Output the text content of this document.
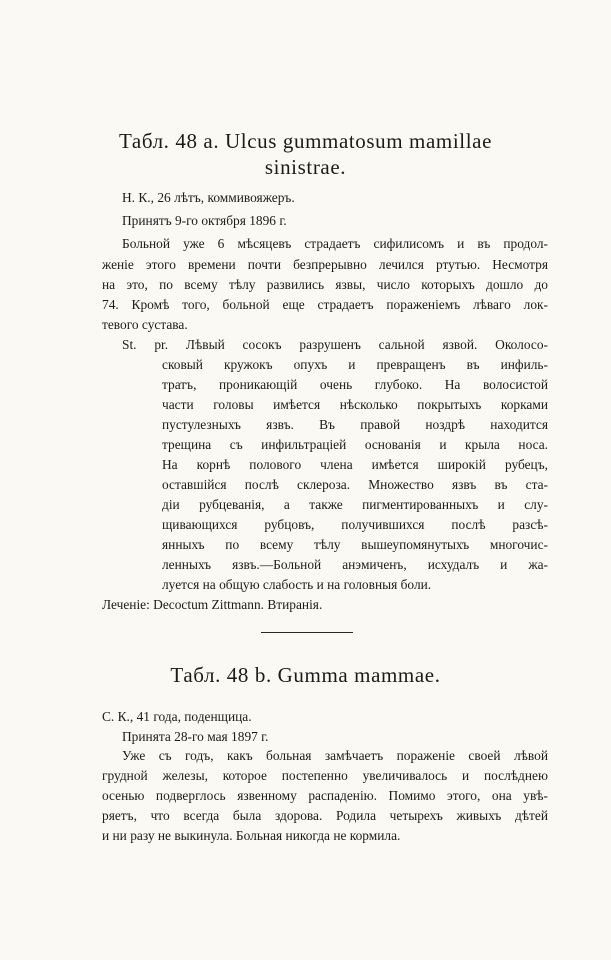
Табл. 48 a. Ulcus gummatosum mamillae
sinistrae.
Н. К., 26 лѣтъ, коммивояжеръ.
Принятъ 9-го октября 1896 г.
Больной уже 6 мѣсяцевъ страдаетъ сифилисомъ и въ продол-
женіе этого времени почти безпрерывно лечился ртутью. Несмотря
на это, по всему тѣлу развились язвы, число которыхъ дошло до
74. Кромѣ того, больной еще страдаетъ пораженіемъ лѣваго лок-
тевого сустава.
St. pr. Лѣвый сосокъ разрушенъ сальной язвой. Околосо-
сковый кружокъ опухъ и превращенъ въ инфиль-
тратъ, проникающій очень глубоко. На волосистой
части головы имѣется нѣсколько покрытыхъ корками
пустулезныхъ язвъ. Въ правой ноздрѣ находится
трещина съ инфильтраціей основанія и крыла носа.
На корнѣ полового члена имѣется широкій рубецъ,
оставшійся послѣ склероза. Множество язвъ въ ста-
діи рубцеванія, а также пигментированныхъ и слу-
щивающихся рубцовъ, получившихся послѣ разсѣ-
янныхъ по всему тѣлу вышеупомянутыхъ многочис-
ленныхъ язвъ.—Больной анэмиченъ, исхудалъ и жа-
луется на общую слабость и на головныя боли.
Леченіе: Decoctum Zittmann. Втиранія.
Табл. 48 b. Gumma mammae.
С. К., 41 года, поденщица.
Принята 28-го мая 1897 г.
Уже съ годъ, какъ больная замѣчаетъ пораженіе своей лѣвой
грудной железы, которое постепенно увеличивалось и послѣднею
осенью подверглось язвенному распаденію. Помимо этого, она увѣ-
ряетъ, что всегда была здорова. Родила четырехъ живыхъ дѣтей
и ни разу не выкинула. Больная никогда не кормила.
